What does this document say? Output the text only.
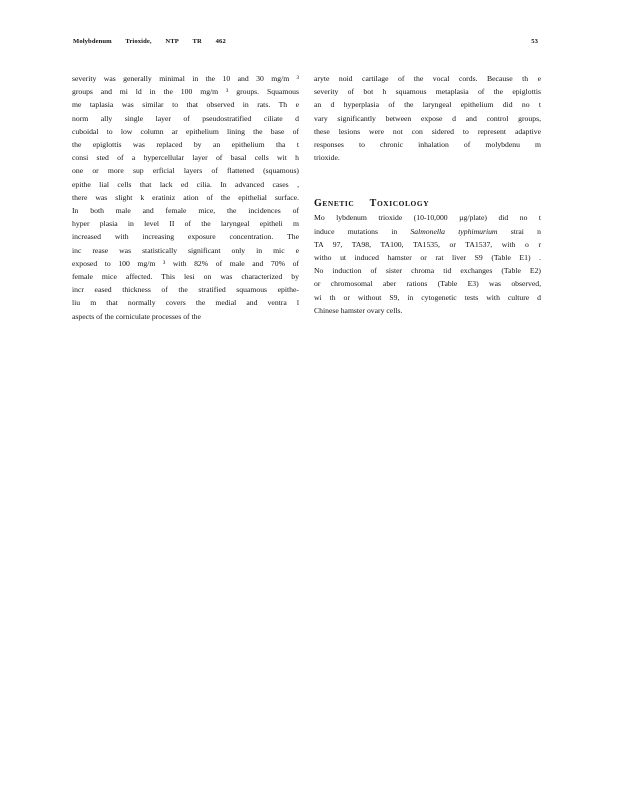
Molybdenum Trioxide, NTP TR 462	53
severity was generally minimal in the 10 and 30 mg/m ³
groups and mi ld in the 100 mg/m ³ groups. Squamous
me taplasia was similar to that observed in rats. Th e
norm ally single layer of pseudostratified ciliate d
cuboidal to low column ar epithelium lining the base of
the epiglottis was replaced by an epithelium tha t
consi sted of a hypercellular layer of basal cells wit h
one or more sup erficial layers of flattened (squamous)
epithe lial cells that lack ed cilia. In advanced cases ,
there was slight k eratiniz ation of the epithelial surface.
In both male and female mice, the incidences of
hyper plasia in level II of the laryngeal epitheli m
increased with increasing exposure concentration. The
inc rease was statistically significant only in mic e
exposed to 100 mg/m ³ with 82% of male and 70% of
female mice affected. This lesi on was characterized by
incr eased thickness of the stratified squamous epithe-
liu m that normally covers the medial and ventra l
aspects of the corniculate processes of the
aryte noid cartilage of the vocal cords. Because th e
severity of bot h squamous metaplasia of the epiglottis
an d hyperplasia of the laryngeal epithelium did no t
vary significantly between expose d and control groups,
these lesions were not con sidered to represent adaptive
responses to chronic inhalation of molybdenu m
trioxide.
GENETIC TOXICOLOGY
Mo lybdenum trioxide (10-10,000 µg/plate) did no t
induce mutations in Salmonella typhimurium strai n
TA 97, TA98, TA100, TA1535, or TA1537, with o r
witho ut induced hamster or rat liver S9 (Table E1) .
No induction of sister chroma tid exchanges (Table E2)
or chromosomal aber rations (Table E3) was observed,
wi th or without S9, in cytogenetic tests with culture d
Chinese hamster ovary cells.
